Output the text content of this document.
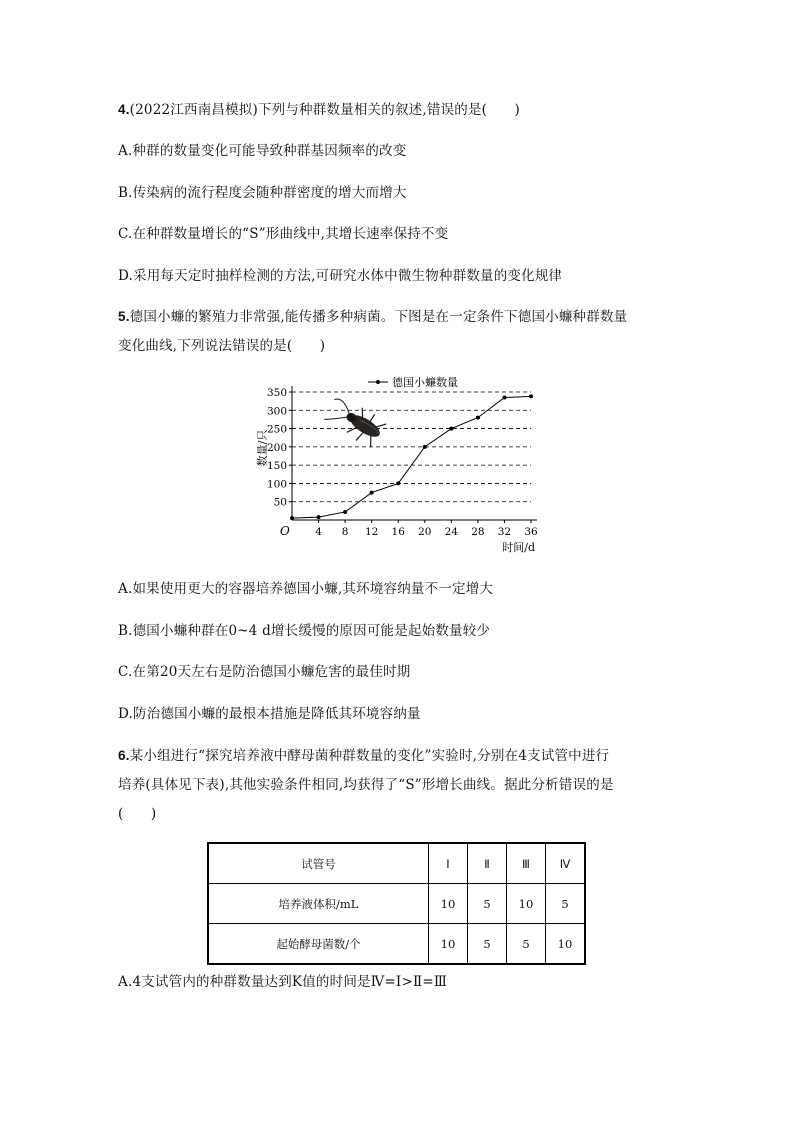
4.(2022江西南昌模拟)下列与种群数量相关的叙述,错误的是(　　)
A.种群的数量变化可能导致种群基因频率的改变
B.传染病的流行程度会随种群密度的增大而增大
C.在种群数量增长的“S”形曲线中,其增长速率保持不变
D.采用每天定时抽样检测的方法,可研究水体中微生物种群数量的变化规律
5.德国小蠊的繁殖力非常强,能传播多种病菌。下图是在一定条件下德国小蠊种群数量
变化曲线,下列说法错误的是(　　)
50
100
150
200
250
300
350
4 8 12 16 20 24 28 32 36
德国小蠊数量
数量/只
时间/d
O
A.如果使用更大的容器培养德国小蠊,其环境容纳量不一定增大
B.德国小蠊种群在0~4 d增长缓慢的原因可能是起始数量较少
C.在第20天左右是防治德国小蠊危害的最佳时期
D.防治德国小蠊的最根本措施是降低其环境容纳量
6.某小组进行“探究培养液中酵母菌种群数量的变化”实验时,分别在4支试管中进行
培养(具体见下表),其他实验条件相同,均获得了“S”形增长曲线。据此分析错误的是
(　　)
试管号	Ⅰ	Ⅱ	Ⅲ	Ⅳ
培养液体积/mL	10	5	10	5
起始酵母菌数/个	10	5	5	10
A.4支试管内的种群数量达到K值的时间是Ⅳ=Ⅰ>Ⅱ=Ⅲ
